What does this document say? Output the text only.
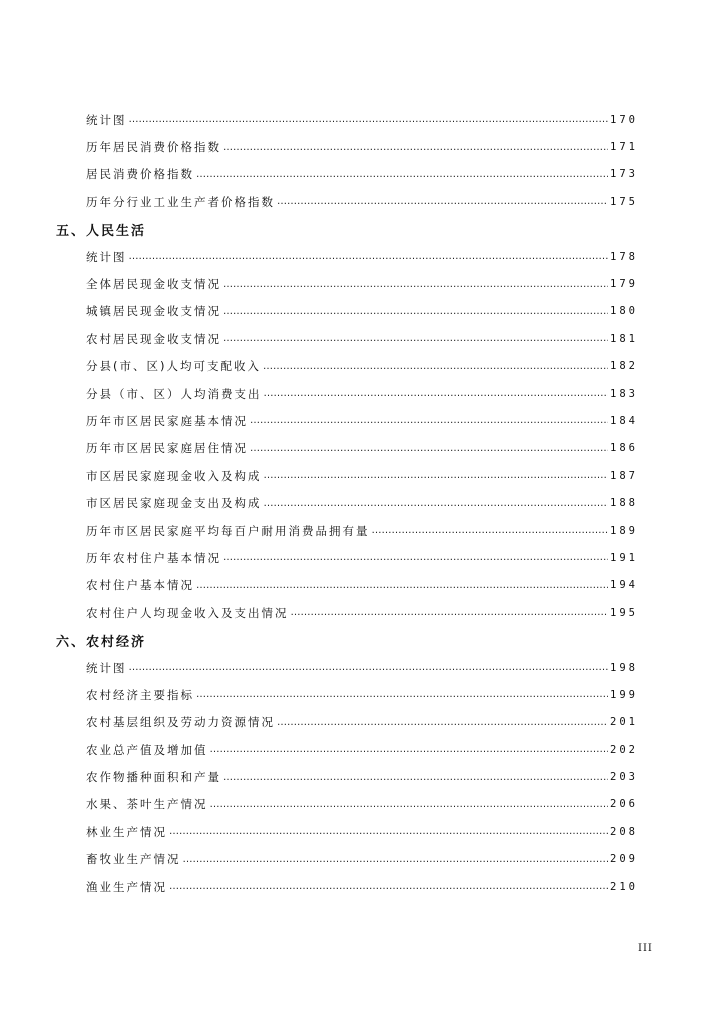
统计图 ………………………………………………………………………………………………………………………………………………………………………………	170
历年居民消费价格指数 ………………………………………………………………………………………………………………………………………………………………………………	171
居民消费价格指数 ………………………………………………………………………………………………………………………………………………………………………………	173
历年分行业工业生产者价格指数 ………………………………………………………………………………………………………………………………………………………………………………	175
五、人民生活
统计图 ………………………………………………………………………………………………………………………………………………………………………………	178
全体居民现金收支情况 ………………………………………………………………………………………………………………………………………………………………………………	179
城镇居民现金收支情况 ………………………………………………………………………………………………………………………………………………………………………………	180
农村居民现金收支情况 ………………………………………………………………………………………………………………………………………………………………………………	181
分县(市、区)人均可支配收入 ………………………………………………………………………………………………………………………………………………………………………………	182
分县（市、区）人均消费支出 ………………………………………………………………………………………………………………………………………………………………………………	183
历年市区居民家庭基本情况 ………………………………………………………………………………………………………………………………………………………………………………	184
历年市区居民家庭居住情况 ………………………………………………………………………………………………………………………………………………………………………………	186
市区居民家庭现金收入及构成 ………………………………………………………………………………………………………………………………………………………………………………	187
市区居民家庭现金支出及构成 ………………………………………………………………………………………………………………………………………………………………………………	188
历年市区居民家庭平均每百户耐用消费品拥有量 ………………………………………………………………………………………………………………………………………………………………………………	189
历年农村住户基本情况 ………………………………………………………………………………………………………………………………………………………………………………	191
农村住户基本情况 ………………………………………………………………………………………………………………………………………………………………………………	194
农村住户人均现金收入及支出情况 ………………………………………………………………………………………………………………………………………………………………………………	195
六、农村经济
统计图 ………………………………………………………………………………………………………………………………………………………………………………	198
农村经济主要指标 ………………………………………………………………………………………………………………………………………………………………………………	199
农村基层组织及劳动力资源情况 ………………………………………………………………………………………………………………………………………………………………………………	201
农业总产值及增加值 ………………………………………………………………………………………………………………………………………………………………………………	202
农作物播种面积和产量 ………………………………………………………………………………………………………………………………………………………………………………	203
水果、茶叶生产情况 ………………………………………………………………………………………………………………………………………………………………………………	206
林业生产情况 ………………………………………………………………………………………………………………………………………………………………………………	208
畜牧业生产情况 ………………………………………………………………………………………………………………………………………………………………………………	209
渔业生产情况 ………………………………………………………………………………………………………………………………………………………………………………	210
III
